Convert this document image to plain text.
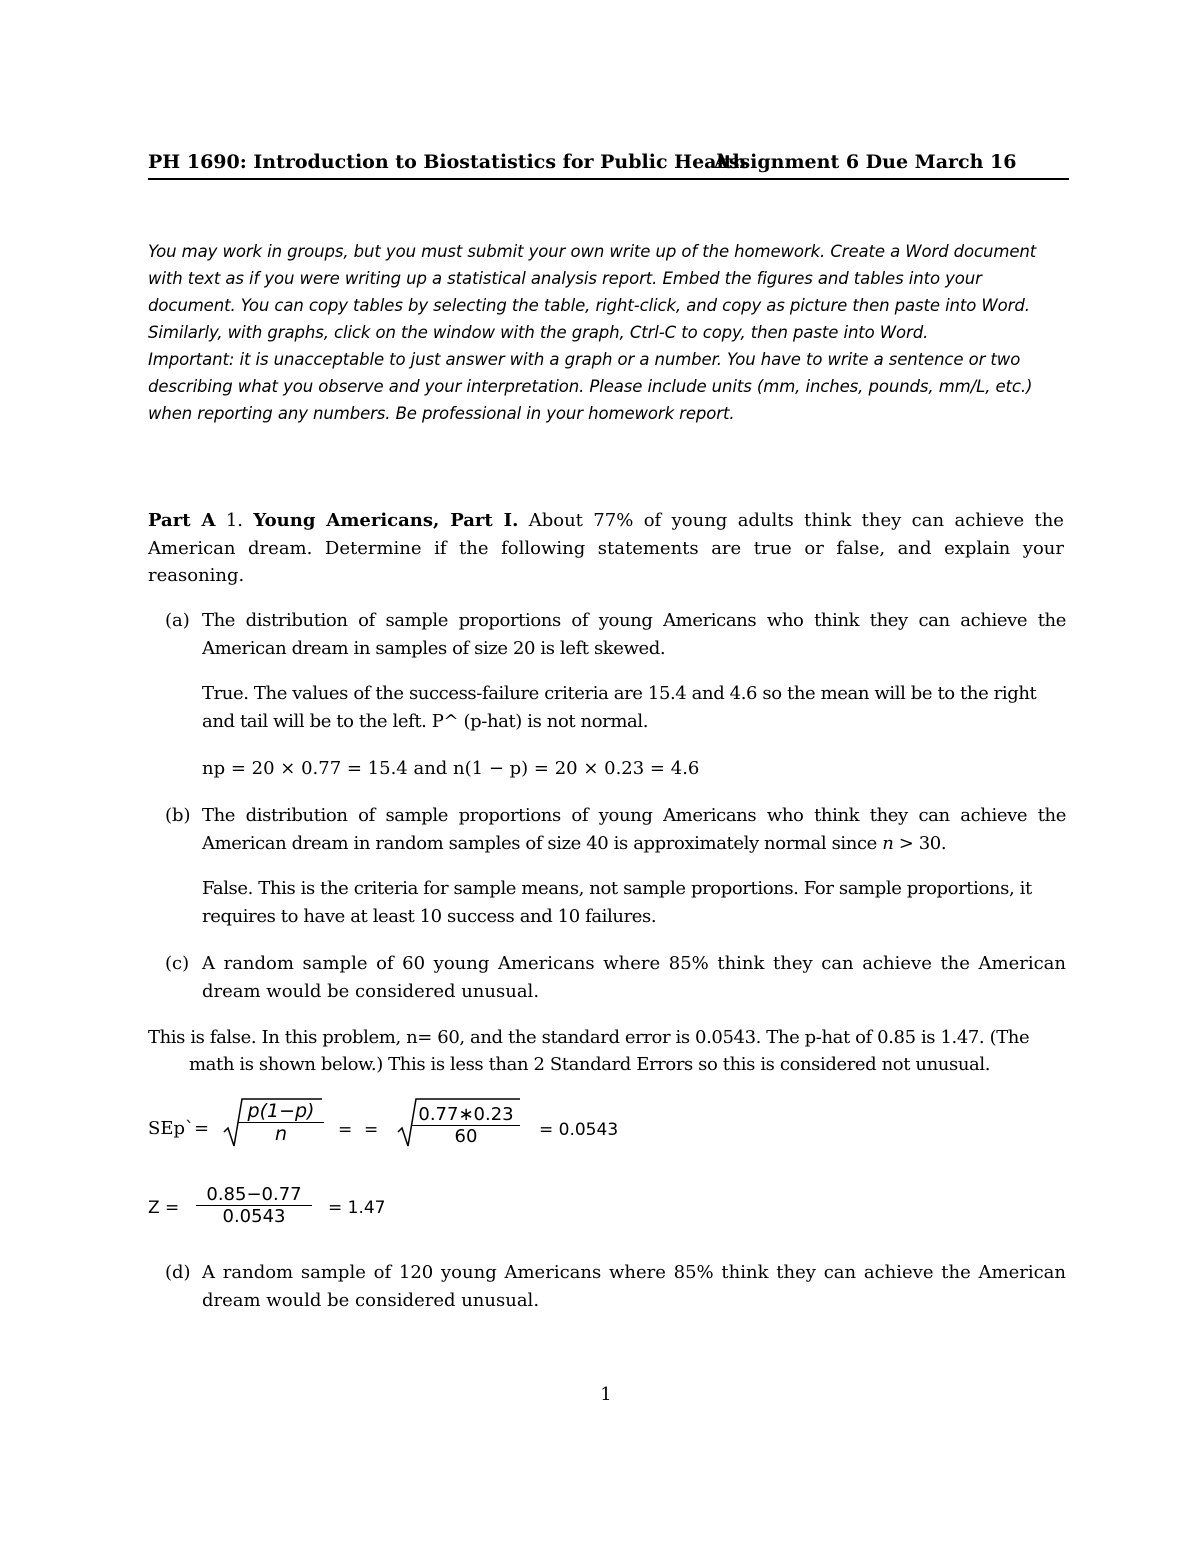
PH 1690: Introduction to Biostatistics for Public Health
Assignment 6 Due March 16

You may work in groups, but you must submit your own write up of the homework. Create a Word document with text as if you were writing up a statistical analysis report. Embed the figures and tables into your document. You can copy tables by selecting the table, right-click, and copy as picture then paste into Word. Similarly, with graphs, click on the window with the graph, Ctrl-C to copy, then paste into Word.

Important: it is unacceptable to just answer with a graph or a number. You have to write a sentence or two describing what you observe and your interpretation. Please include units (mm, inches, pounds, mm/L, etc.) when reporting any numbers. Be professional in your homework report.

Part A 1. Young Americans, Part I. About 77% of young adults think they can achieve the American dream. Determine if the following statements are true or false, and explain your reasoning.
(a) The distribution of sample proportions of young Americans who think they can achieve the American dream in samples of size 20 is left skewed.
True. The values of the success-failure criteria are 15.4 and 4.6 so the mean will be to the right and tail will be to the left. P^ (p-hat) is not normal.
np = 20 × 0.77 = 15.4 and n(1 − p) = 20 × 0.23 = 4.6
(b) The distribution of sample proportions of young Americans who think they can achieve the American dream in random samples of size 40 is approximately normal since n > 30.
False. This is the criteria for sample means, not sample proportions. For sample proportions, it requires to have at least 10 success and 10 failures.
(c) A random sample of 60 young Americans where 85% think they can achieve the American dream would be considered unusual.
This is false. In this problem, n= 60, and the standard error is 0.0543. The p-hat of 0.85 is 1.47. (The
math is shown below.) This is less than 2 Standard Errors so this is considered not unusual.
SEp`= $\frac{p(1-p)}{n}$ = = $\frac{0.77∗0.23}{60} = 0.0543$
$Z = \frac{0.85-0.77}{0.0543} = 1.47$
(d) A random sample of 120 young Americans where 85% think they can achieve the American dream would be considered unusual.
1
